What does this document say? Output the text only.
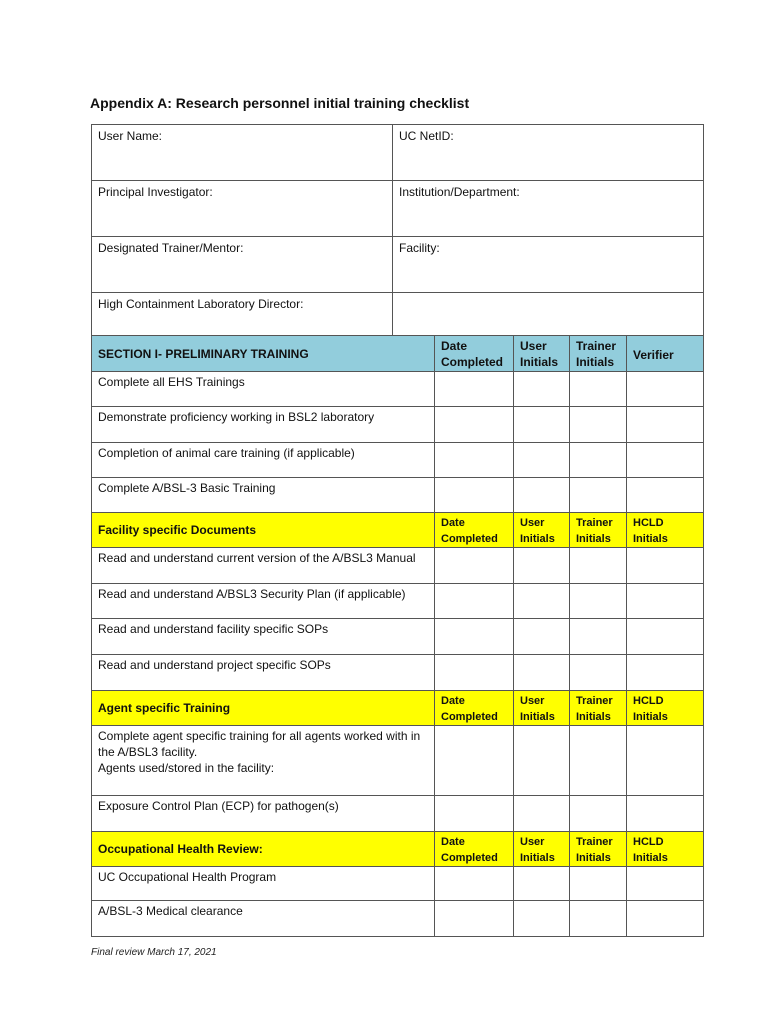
Appendix A: Research personnel initial training checklist
User Name:	UC NetID:
Principal Investigator:	Institution/Department:
Designated Trainer/Mentor:	Facility:
High Containment Laboratory Director:	
SECTION I- PRELIMINARY TRAINING	Date Completed	User Initials	Trainer Initials	Verifier
Complete all EHS Trainings				
Demonstrate proficiency working in BSL2 laboratory				
Completion of animal care training (if applicable)				
Complete A/BSL-3 Basic Training				
Facility specific Documents	Date Completed	User Initials	Trainer Initials	HCLD Initials
Read and understand current version of the A/BSL3 Manual				
Read and understand A/BSL3 Security Plan (if applicable)				
Read and understand facility specific SOPs				
Read and understand project specific SOPs				
Agent specific Training	Date Completed	User Initials	Trainer Initials	HCLD Initials

Complete agent specific training for all agents worked with in the A/BSL3 facility.
Agents used/stored in the facility:				

Exposure Control Plan (ECP) for pathogen(s)				
Occupational Health Review:	Date Completed	User Initials	Trainer Initials	HCLD Initials
UC Occupational Health Program				
A/BSL-3 Medical clearance				
Final review March 17, 2021
